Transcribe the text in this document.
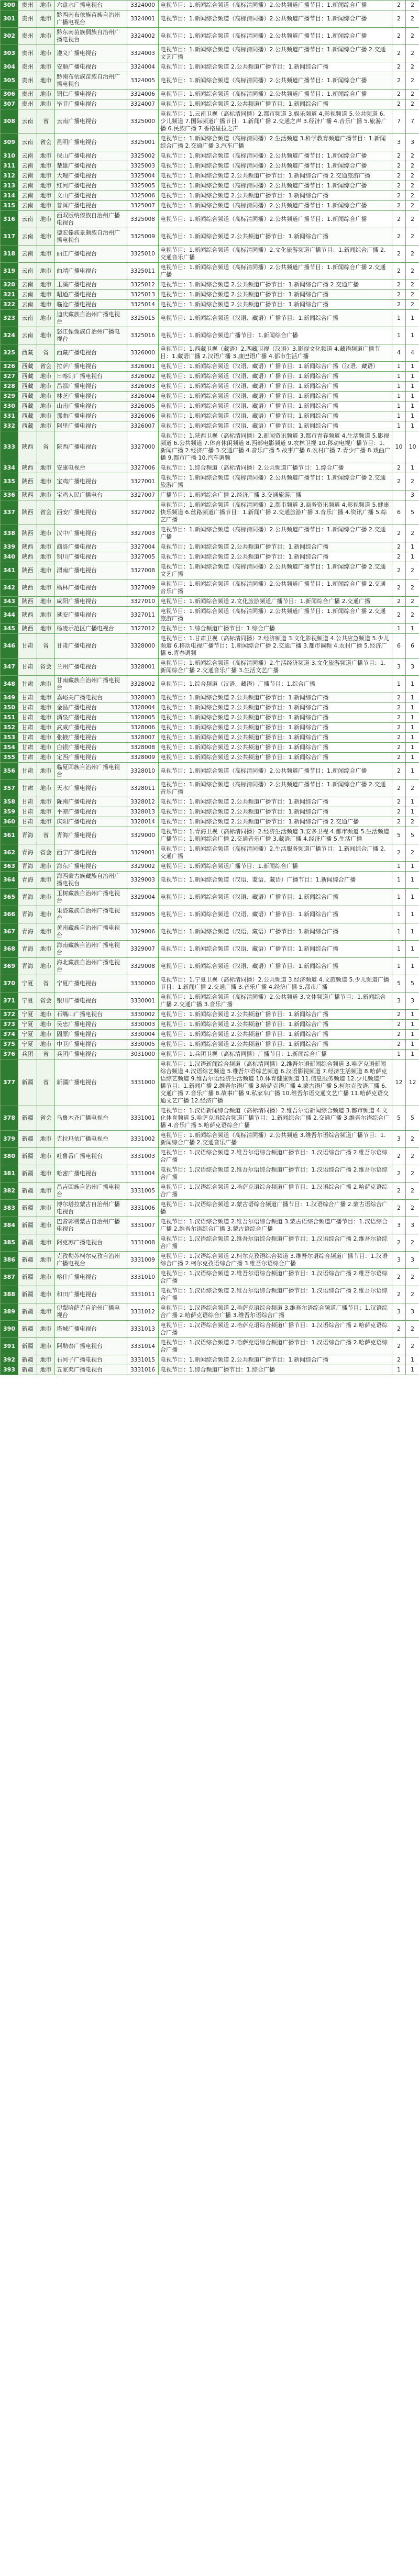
300	贵州	地市	六盘水广播电视台	3324000	电视节目：1.新闻综合频道（高标清同播）2.公共频道广播节目：1.新闻综合广播	2	2
301	贵州	地市	黔西南布依族苗族自治州广播电视台	3324001	电视节目：1.新闻综合频道（高标清同播）2.公共频道广播节目：1.新闻综合广播	2	2
302	贵州	地市	黔东南苗族侗族自治州广播电视台	3324002	电视节目：1.新闻综合频道（高标清同播）2.公共频道广播节目：1.新闻综合广播	2	2
303	贵州	地市	遵义广播电视台	3324003	电视节目：1.新闻综合频道（高标清同播）2.公共频道广播节目：1.新闻综合广播 2.交通文艺广播	2	2
304	贵州	地市	安顺广播电视台	3324004	电视节目：1.新闻综合频道 2.公共频道广播节目：1.新闻综合广播	2	2
305	贵州	地市	黔南布依族苗族自治州广播电视台	3324005	电视节目：1.新闻综合频道（高标清同播）2.公共频道广播节目：1.新闻综合广播	2	2
306	贵州	地市	铜仁广播电视台	3324006	电视节目：1.新闻综合频道（高标清同播）2.公共频道广播节目：1.新闻综合广播	2	2
307	贵州	地市	毕节广播电视台	3324007	电视节目：1.新闻综合频道 2.公共频道广播节目：1.新闻综合广播	2	2
308	云南	省	云南广播电视台	3325000	电视节目：1.云南卫视（高标清同播）2.都市频道 3.娱乐频道 4.影视频道 5.公共频道 6.少儿频道 7.国际频道广播节目：1.新闻广播 2.交通之声 3.经济广播 4.音乐广播 5.旅游广播 6.民族广播 7.香格里拉之声	7	7
309	云南	省会	昆明广播电视台	3325001	电视节目：1.新闻综合频道（高标清同播）2.生活频道 3.科学教育频道广播节目：1.新闻综合广播 2.交通广播 3.汽车广播	3	3
310	云南	地市	保山广播电视台	3325002	电视节目：1.新闻综合频道（高标清同播）2.公共频道广播节目：1.新闻综合广播	2	2
311	云南	地市	楚雄广播电视台	3325003	电视节目：1.新闻综合频道（高标清同播）2.公共频道广播节目：1.新闻综合广播	2	2
312	云南	地市	大理广播电视台	3325004	电视节目：1.新闻综合频道 2.公共频道广播节目：1.新闻综合广播 2.交通旅游广播	2	2
313	云南	地市	红河广播电视台	3325005	电视节目：1.新闻综合频道（高标清同播）2.公共频道广播节目：1.新闻综合广播	2	2
314	云南	地市	文山广播电视台	3325006	电视节目：1.新闻综合频道 2.公共频道广播节目：1.新闻综合广播	2	2
315	云南	地市	普洱广播电视台	3325007	电视节目：1.新闻综合频道（高标清同播）2.公共频道广播节目：1.新闻综合广播	2	2
316	云南	地市	西双版纳傣族自治州广播电视台	3325008	电视节目：1.新闻综合频道（高标清同播）2.公共频道广播节目：1.新闻综合广播	2	2
317	云南	地市	德宏傣族景颇族自治州广播电视台	3325009	电视节目：1.新闻综合频道 2.公共频道广播节目：1.新闻综合广播	2	2
318	云南	地市	丽江广播电视台	3325010	电视节目：1.新闻综合频道（高标清同播）2.文化旅游频道广播节目：1.新闻综合广播 2.交通音乐广播	2	2
319	云南	地市	曲靖广播电视台	3325011	电视节目：1.新闻综合频道（高标清同播）2.公共频道广播节目：1.新闻综合广播 2.交通广播	2	2
320	云南	地市	玉溪广播电视台	3325012	电视节目：1.新闻综合频道 2.公共频道广播节目：1.新闻综合广播 2.交通广播	2	2
321	云南	地市	昭通广播电视台	3325013	电视节目：1.新闻综合频道 2.公共频道广播节目：1.新闻综合广播	2	2
322	云南	地市	临沧广播电视台	3325014	电视节目：1.新闻综合频道 2.公共频道广播节目：1.新闻综合广播	2	2
323	云南	地市	迪庆藏族自治州广播电视台	3325015	电视节目：1.新闻综合频道（汉语、藏语）广播节目：1.新闻综合广播	1	1
324	云南	地市	怒江傈僳族自治州广播电视台	3325016	电视节目：1.新闻综合频道广播节目：1.新闻综合广播	1	1
325	西藏	省	西藏广播电视台	3326000	电视节目：1.西藏卫视（藏语）2.西藏卫视（汉语）3.影视文化频道 4.藏语频道广播节目：1.藏语广播 2.汉语广播 3.康巴语广播 4.都市生活广播	4	4
326	西藏	省会	拉萨广播电视台	3326001	电视节目：1.新闻综合频道（汉语、藏语）广播节目：1.新闻综合广播（汉语、藏语）	1	1
327	西藏	地市	日喀则广播电视台	3326002	电视节目：1.新闻综合频道（汉语、藏语）广播节目：1.新闻综合广播	1	1
328	西藏	地市	昌都广播电视台	3326003	电视节目：1.新闻综合频道（汉语、藏语）广播节目：1.新闻综合广播	1	1
329	西藏	地市	林芝广播电视台	3326004	电视节目：1.新闻综合频道（汉语、藏语）广播节目：1.新闻综合广播	1	1
330	西藏	地市	山南广播电视台	3326005	电视节目：1.新闻综合频道（汉语、藏语）广播节目：1.新闻综合广播	1	1
331	西藏	地市	那曲广播电视台	3326006	电视节目：1.新闻综合频道（汉语、藏语）广播节目：1.新闻综合广播	1	1
332	西藏	地市	阿里广播电视台	3326007	电视节目：1.新闻综合频道（汉语、藏语）广播节目：1.新闻综合广播	1	1
333	陕西	省	陕西广播电视台	3327000	电视节目：1.陕西卫视（高标清同播）2.新闻资讯频道 3.都市青春频道 4.生活频道 5.影视频道 6.公共频道 7.体育休闲频道 8.西部电影频道 9.农林卫视 10.移动电视广播节目：1.新闻广播 2.经济广播 3.交通广播 4.音乐广播 5.故事广播 6.农村广播 7.青少广播 8.戏曲广播 9.都市广播 10.汽车调频	10	10
334	陕西	地市	安康电视台	3327006	电视节目：1.综合频道（高标清同播）2.公共频道广播节目：1.综合广播	2	1
335	陕西	地市	宝鸡广播电视台	3327001	电视节目：1.新闻综合频道（高标清同播）2.公共频道广播节目：1.新闻综合广播 2.交通旅游广播	2	2
336	陕西	地市	宝鸡人民广播电台	3327007	广播节目：1.新闻综合广播 2.经济广播 3.交通旅游广播		3
337	陕西	省会	西安广播电视台	3327002	电视节目：1.新闻综合频道（高标清同播）2.都市频道 3.商务资讯频道 4.影视频道 5.健康快乐频道 6.丝路频道广播节目：1.新闻广播 2.交通旅游广播 3.音乐广播 4.资讯广播 5.综艺广播	6	5
338	陕西	地市	汉中广播电视台	3327003	电视节目：1.新闻综合频道（高标清同播）2.公共频道广播节目：1.新闻综合广播 2.交通广播	2	2
339	陕西	地市	商洛广播电视台	3327004	电视节目：1.新闻综合频道 2.公共频道广播节目：1.新闻综合广播	2	1
340	陕西	地市	铜川广播电视台	3327005	电视节目：1.新闻综合频道 2.公共频道广播节目：1.新闻综合广播	2	1
341	陕西	地市	渭南广播电视台	3327008	电视节目：1.新闻综合频道（高标清同播）2.公共频道广播节目：1.新闻综合广播 2.交通文艺广播	2	2
342	陕西	地市	榆林广播电视台	3327009	电视节目：1.新闻综合频道（高标清同播）2.公共频道广播节目：1.新闻综合广播 2.交通音乐广播	2	2
343	陕西	地市	咸阳广播电视台	3327010	电视节目：1.新闻综合频道 2.文化旅游频道广播节目：1.新闻综合广播 2.交通广播	2	2
344	陕西	地市	延安广播电视台	3327011	电视节目：1.新闻综合频道（高标清同播）2.公共频道广播节目：1.新闻综合广播 2.交通旅游广播	2	2
345	陕西	地市	杨凌示范区广播电视台	3327012	电视节目：1.综合频道广播节目：1.综合广播	1	1
346	甘肃	省	甘肃广播电视台	3328000	电视节目：1.甘肃卫视（高标清同播）2.经济频道 3.文化影视频道 4.公共应急频道 5.少儿频道 6.移动电视广播节目：1.新闻综合广播 2.交通广播 3.都市调频 4.农村广播 5.经济广播 6.青春调频	6	6
347	甘肃	省会	兰州广播电视台	3328001	电视节目：1.新闻综合频道（高标清同播）2.生活经济频道 3.文化旅游频道广播节目：1.新闻综合广播 2.交通音乐广播 3.生活文艺广播	3	3
348	甘肃	地市	甘南藏族自治州广播电视台	3328002	电视节目：1.综合频道（汉语、藏语）广播节目：1.综合广播	1	1
349	甘肃	地市	嘉峪关广播电视台	3328003	电视节目：1.新闻综合频道 2.公共频道广播节目：1.新闻综合广播	2	1
350	甘肃	地市	金昌广播电视台	3328004	电视节目：1.新闻综合频道 2.公共频道广播节目：1.新闻综合广播	2	1
351	甘肃	地市	酒泉广播电视台	3328005	电视节目：1.新闻综合频道 2.公共频道广播节目：1.新闻综合广播	2	1
352	甘肃	地市	武威广播电视台	3328006	电视节目：1.新闻综合频道 2.公共频道广播节目：1.新闻综合广播	2	1
353	甘肃	地市	张掖广播电视台	3328007	电视节目：1.新闻综合频道 2.公共频道广播节目：1.新闻综合广播	2	1
354	甘肃	地市	白银广播电视台	3328008	电视节目：1.新闻综合频道 2.公共频道广播节目：1.新闻综合广播	2	1
355	甘肃	地市	定西广播电视台	3328009	电视节目：1.新闻综合频道 2.公共频道广播节目：1.新闻综合广播	2	1
356	甘肃	地市	临夏回族自治州广播电视台	3328010	电视节目：1.新闻综合频道（高标清同播）2.公共频道广播节目：1.新闻综合广播	2	1
357	甘肃	地市	天水广播电视台	3328011	电视节目：1.新闻综合频道（高标清同播）2.公共频道广播节目：1.新闻综合广播 2.交通音乐广播	2	2
358	甘肃	地市	陇南广播电视台	3328012	电视节目：1.新闻综合频道 2.公共频道广播节目：1.新闻综合广播	2	1
359	甘肃	地市	平凉广播电视台	3328013	电视节目：1.新闻综合频道 2.公共频道广播节目：1.新闻综合广播	2	1
360	甘肃	地市	庆阳广播电视台	3328014	电视节目：1.新闻综合频道 2.公共频道广播节目：1.新闻综合广播 2.交通广播	2	2
361	青海	省	青海广播电视台	3329000	电视节目：1.青海卫视（高标清同播）2.经济生活频道 3.安多卫视 4.都市频道 5.生活频道广播节目：1.新闻综合广播 2.交通音乐广播 3.藏语广播 4.经济广播 5.生活广播	5	5
362	青海	省会	西宁广播电视台	3329001	电视节目：1.新闻综合频道（高标清同播）2.生活服务频道广播节目：1.新闻综合广播 2.交通广播	2	2
363	青海	地市	海东广播电视台	3329002	电视节目：1.新闻综合频道广播节目：1.新闻综合广播	1	1
364	青海	地市	海西蒙古族藏族自治州广播电视台	3329003	电视节目：1.新闻综合频道（汉语、蒙语、藏语）广播节目：1.新闻综合广播	1	1
365	青海	地市	玉树藏族自治州广播电视台	3329004	电视节目：1.新闻综合频道（汉语、藏语）广播节目：1.新闻综合广播	1	1
366	青海	地市	果洛藏族自治州广播电视台	3329005	电视节目：1.新闻综合频道（汉语、藏语）广播节目：1.新闻综合广播	1	1
367	青海	地市	黄南藏族自治州广播电视台	3329006	电视节目：1.新闻综合频道（汉语、藏语）广播节目：1.新闻综合广播	1	1
368	青海	地市	海南藏族自治州广播电视台	3329007	电视节目：1.新闻综合频道（汉语、藏语）广播节目：1.新闻综合广播	1	1
369	青海	地市	海北藏族自治州广播电视台	3329008	电视节目：1.新闻综合频道（汉语、藏语）广播节目：1.新闻综合广播	1	1
370	宁夏	省	宁夏广播电视台	3330000	电视节目：1.宁夏卫视（高标清同播）2.公共频道 3.经济频道 4.文旅频道 5.少儿频道广播节目：1.新闻广播 2.交通广播 3.音乐广播 4.经济广播 5.都市广播	5	5
371	宁夏	省会	银川广播电视台	3330001	电视节目：1.新闻综合频道（高标清同播）2.公共频道 3.文体频道广播节目：1.新闻综合广播 2.交通广播 3.音乐广播	3	3
372	宁夏	地市	石嘴山广播电视台	3330002	电视节目：1.新闻综合频道 2.公共频道广播节目：1.新闻综合广播	2	1
373	宁夏	地市	吴忠广播电视台	3330003	电视节目：1.新闻综合频道 2.公共频道广播节目：1.新闻综合广播	2	1
374	宁夏	地市	固原广播电视台	3330004	电视节目：1.新闻综合频道 2.公共频道广播节目：1.新闻综合广播	2	1
375	宁夏	地市	中卫广播电视台	3330005	电视节目：1.新闻综合频道 2.公共频道广播节目：1.新闻综合广播	2	1
376	兵团	省	兵团广播电视台	3031000	电视节目：1.兵团卫视（高标清同播）广播节目：1.新闻综合广播	1	1
377	新疆	省	新疆广播电视台	3331000	电视节目：1.汉语新闻综合频道（高标清同播）2.维吾尔语新闻综合频道 3.哈萨克语新闻综合频道 4.汉语综艺频道 5.维吾尔语综艺频道 6.汉语影视频道 7.经济生活频道 8.哈萨克语综艺频道 9.维吾尔语经济生活频道 10.体育健康频道 11.信息服务频道 12.少儿频道广播节目：1.新闻广播 2.维吾尔语广播 3.哈萨克语广播 4.蒙古语广播 5.柯尔克孜语广播 6.交通广播 7.音乐广播 8.故事广播 9.私家车广播 10.维吾尔语交通文艺广播 11.哈萨克语交通文艺广播 12.经济广播	12	12
378	新疆	省会	乌鲁木齐广播电视台	3331001	电视节目：1.汉语新闻综合频道（高标清同播）2.维吾尔语新闻综合频道 3.都市频道 4.文化体育频道 5.哈萨克语综合频道广播节目：1.新闻综合广播 2.交通广播 3.维吾尔语综合广播 4.音乐广播 5.哈萨克语综合广播	5	5
379	新疆	地市	克拉玛依广播电视台	3331002	电视节目：1.新闻综合频道（高标清同播）2.公共频道 3.维吾尔语综合频道广播节目：1.新闻综合广播 2.交通音乐广播	3	2
380	新疆	地市	吐鲁番广播电视台	3331003	电视节目：1.汉语综合频道 2.维吾尔语综合频道广播节目：1.汉语综合广播 2.维吾尔语综合广播	2	2
381	新疆	地市	哈密广播电视台	3331004	电视节目：1.汉语综合频道 2.维吾尔语综合频道广播节目：1.汉语综合广播 2.维吾尔语综合广播	2	2
382	新疆	地市	昌吉回族自治州广播电视台	3331005	电视节目：1.汉语综合频道 2.哈萨克语综合频道广播节目：1.汉语综合广播 2.哈萨克语综合广播	2	2
383	新疆	地市	博尔塔拉蒙古自治州广播电视台	3331006	电视节目：1.汉语综合频道 2.蒙古语综合频道广播节目：1.汉语综合广播 2.蒙古语综合广播	2	2
384	新疆	地市	巴音郭楞蒙古自治州广播电视台	3331007	电视节目：1.汉语综合频道 2.维吾尔语综合频道 3.蒙古语综合频道广播节目：1.汉语综合广播 2.维吾尔语综合广播 3.蒙古语综合广播	3	3
385	新疆	地市	阿克苏广播电视台	3331008	电视节目：1.汉语综合频道 2.维吾尔语综合频道广播节目：1.汉语综合广播 2.维吾尔语综合广播	2	2
386	新疆	地市	克孜勒苏柯尔克孜自治州广播电视台	3331009	电视节目：1.汉语综合频道 2.柯尔克孜语综合频道 3.维吾尔语综合频道广播节目：1.汉语综合广播 2.柯尔克孜语综合广播 3.维吾尔语综合广播	3	3
387	新疆	地市	喀什广播电视台	3331010	电视节目：1.汉语综合频道 2.维吾尔语综合频道广播节目：1.汉语综合广播 2.维吾尔语综合广播	2	2
388	新疆	地市	和田广播电视台	3331011	电视节目：1.汉语综合频道 2.维吾尔语综合频道广播节目：1.汉语综合广播 2.维吾尔语综合广播	2	2
389	新疆	地市	伊犁哈萨克自治州广播电视台	3331012	电视节目：1.汉语综合频道 2.哈萨克语综合频道 3.维吾尔语综合频道广播节目：1.汉语综合广播 2.哈萨克语综合广播 3.维吾尔语综合广播	3	3
390	新疆	地市	塔城广播电视台	3331013	电视节目：1.汉语综合频道 2.哈萨克语综合频道广播节目：1.汉语综合广播 2.哈萨克语综合广播	2	2
391	新疆	地市	阿勒泰广播电视台	3331014	电视节目：1.汉语综合频道 2.哈萨克语综合频道广播节目：1.汉语综合广播 2.哈萨克语综合广播	2	2
392	新疆	地市	石河子广播电视台	3331015	电视节目：1.新闻综合频道 2.公共频道广播节目：1.新闻综合广播	2	1
393	新疆	地市	五家渠广播电视台	3331016	电视节目：1.综合频道广播节目：1.综合广播	1	1
